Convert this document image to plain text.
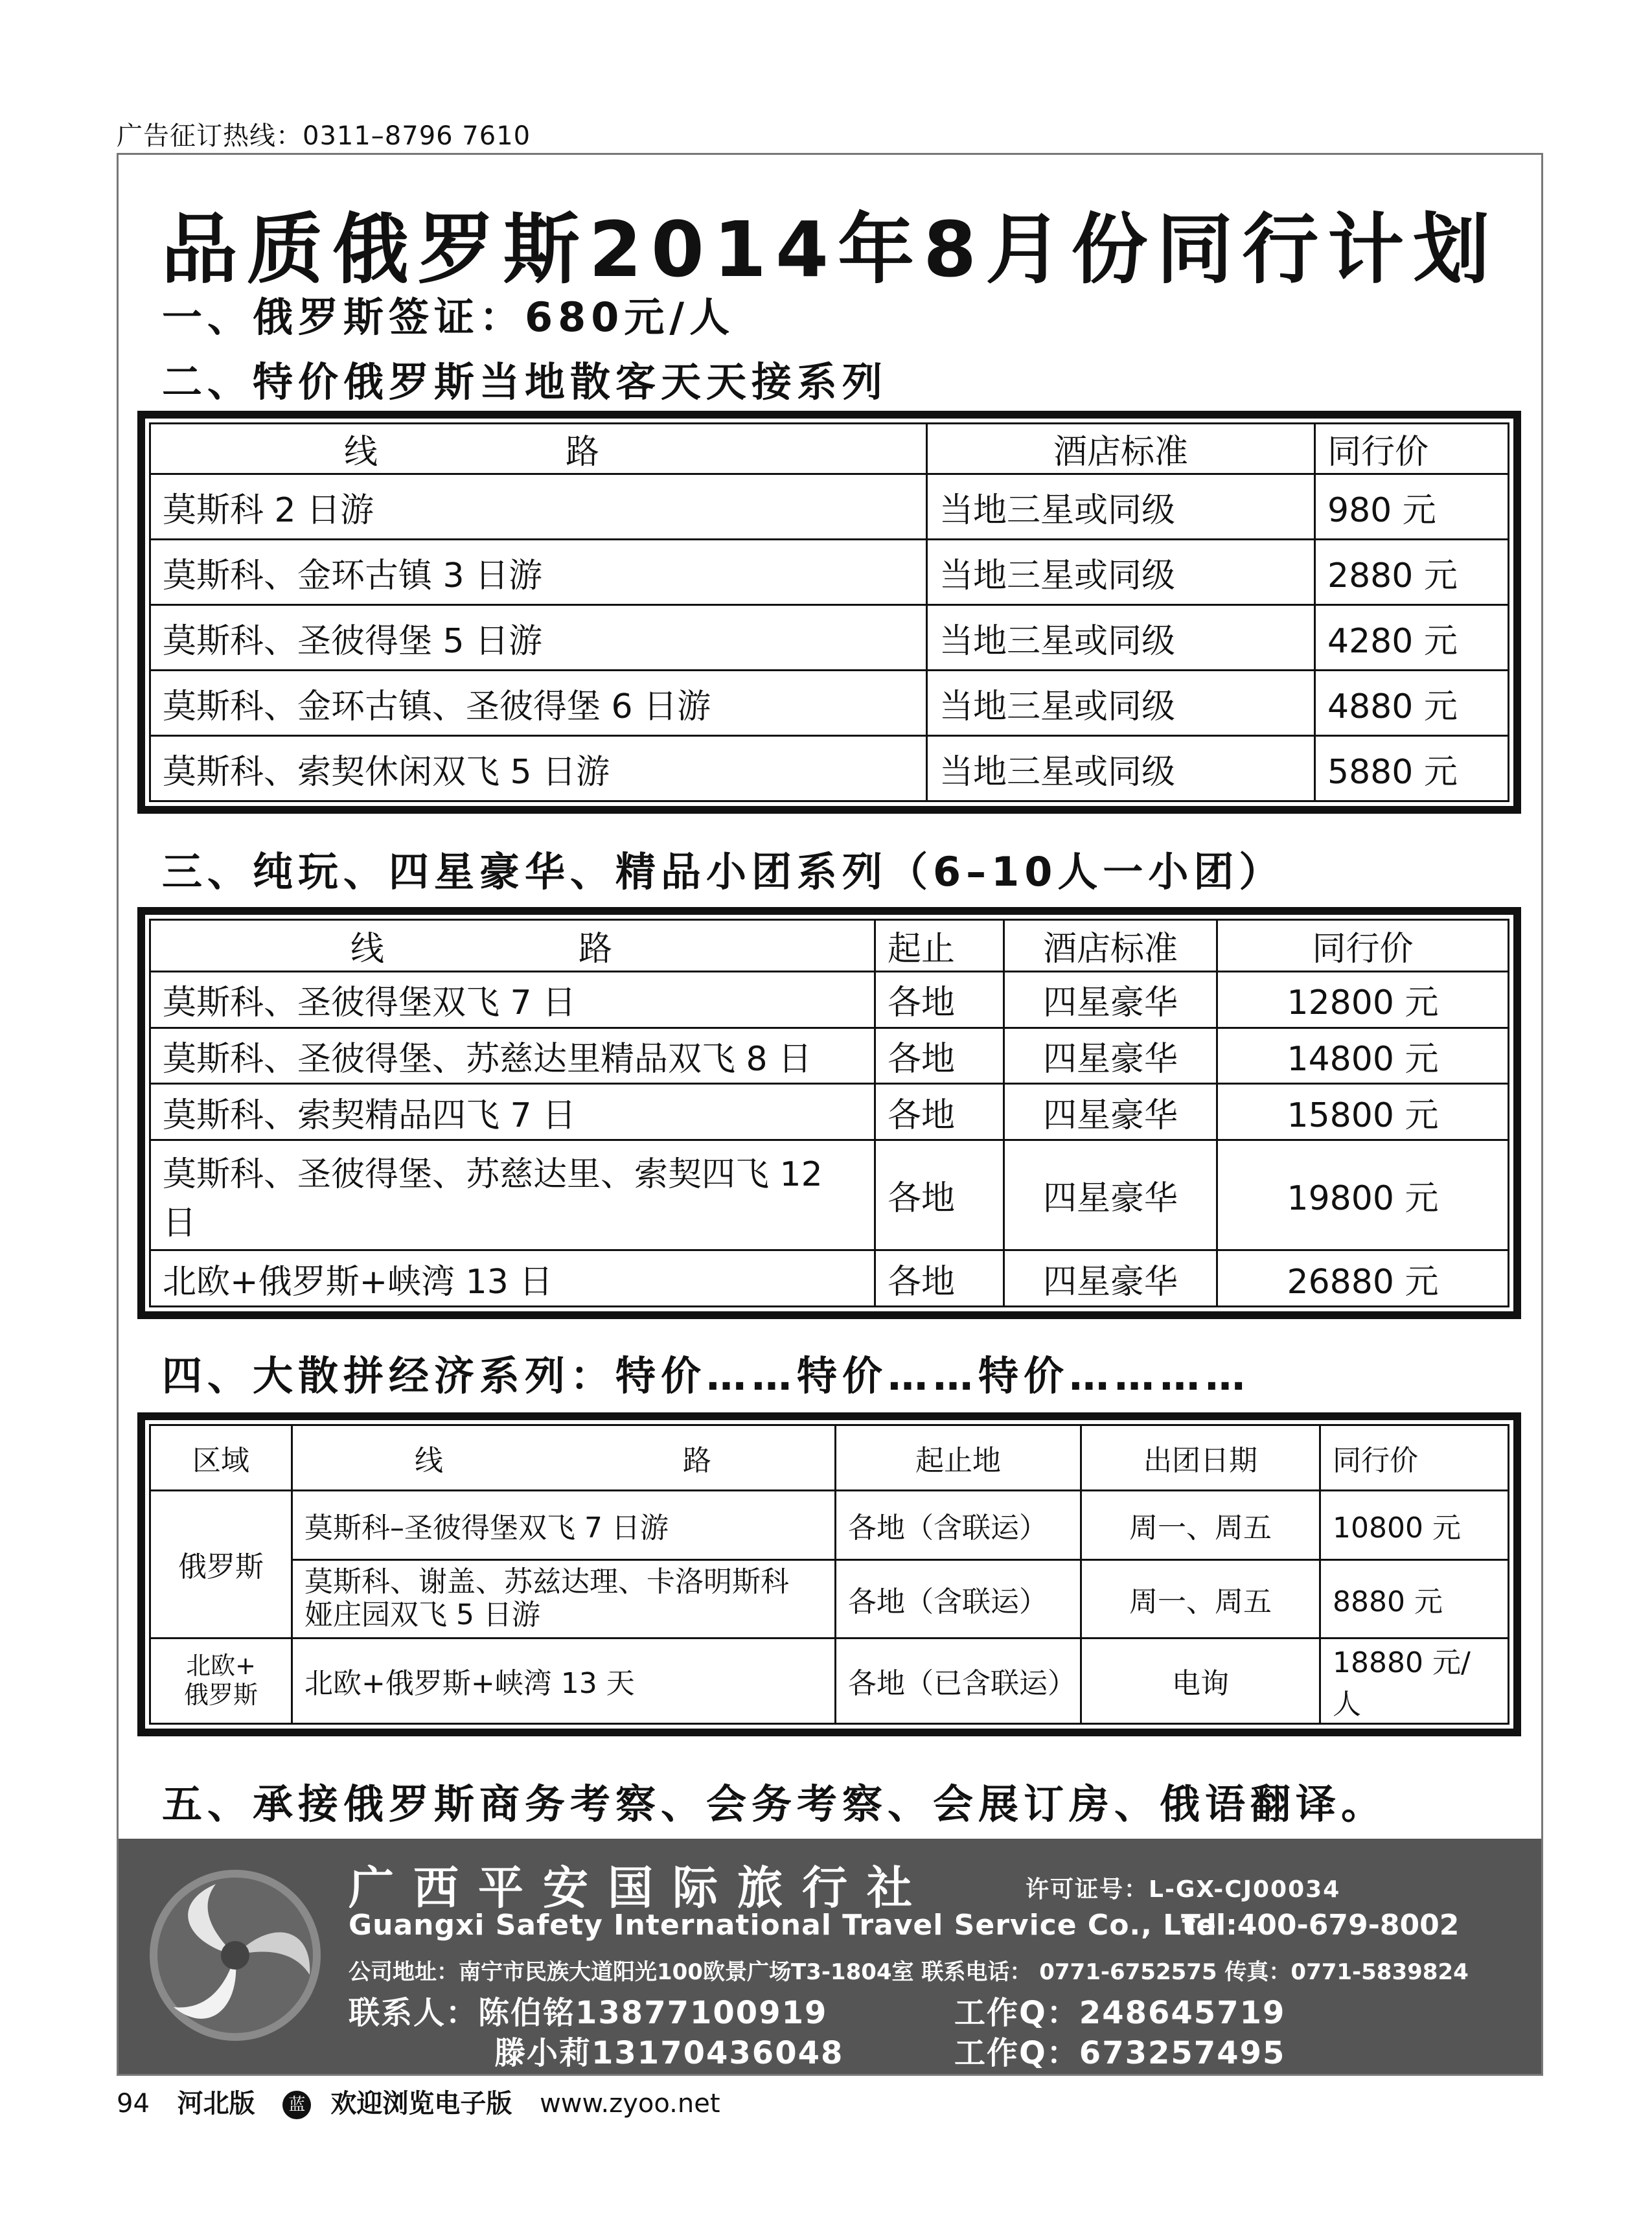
广告征订热线：0311–8796 7610
品质俄罗斯2014年8月份同行计划
一、俄罗斯签证：680元/人
二、特价俄罗斯当地散客天天接系列
线 路	酒店标准	同行价
莫斯科 2 日游	当地三星或同级	980 元
莫斯科、金环古镇 3 日游	当地三星或同级	2880 元
莫斯科、圣彼得堡 5 日游	当地三星或同级	4280 元
莫斯科、金环古镇、圣彼得堡 6 日游	当地三星或同级	4880 元
莫斯科、索契休闲双飞 5 日游	当地三星或同级	5880 元
三、纯玩、四星豪华、精品小团系列（6–10人一小团）
线 路	起止	酒店标准	同行价
莫斯科、圣彼得堡双飞 7 日	各地	四星豪华	12800 元
莫斯科、圣彼得堡、苏慈达里精品双飞 8 日	各地	四星豪华	14800 元
莫斯科、索契精品四飞 7 日	各地	四星豪华	15800 元
莫斯科、圣彼得堡、苏慈达里、索契四飞 12 日	各地	四星豪华	19800 元
北欧+俄罗斯+峡湾 13 日	各地	四星豪华	26880 元
四、大散拼经济系列：特价……特价……特价…………
区域	线 路	起止地	出团日期	同行价
俄罗斯	莫斯科–圣彼得堡双飞 7 日游	各地（含联运）	周一、周五	10800 元

	莫斯科、谢盖、苏兹达理、卡洛明斯科
娅庄园双飞 5 日游	各地（含联运）	周一、周五	8880 元

北欧+
俄罗斯	北欧+俄罗斯+峡湾 13 天	各地（已含联运）	电询	18880 元/人
五、承接俄罗斯商务考察、会务考察、会展订房、俄语翻译。
广西平安国际旅行社	许可证号：L-GX-CJ00034
Guangxi Safety International Travel Service Co., Ltd
Tel:400-679-8002
公司地址：南宁市民族大道阳光100欧景广场T3-1804室 联系电话： 0771-6752575 传真：0771-5839824
联系人：陈伯铭13877100919
滕小莉13170436048
工作Q：248645719
工作Q：673257495
94 河北版 蓝 欢迎浏览电子版 www.zyoo.net
